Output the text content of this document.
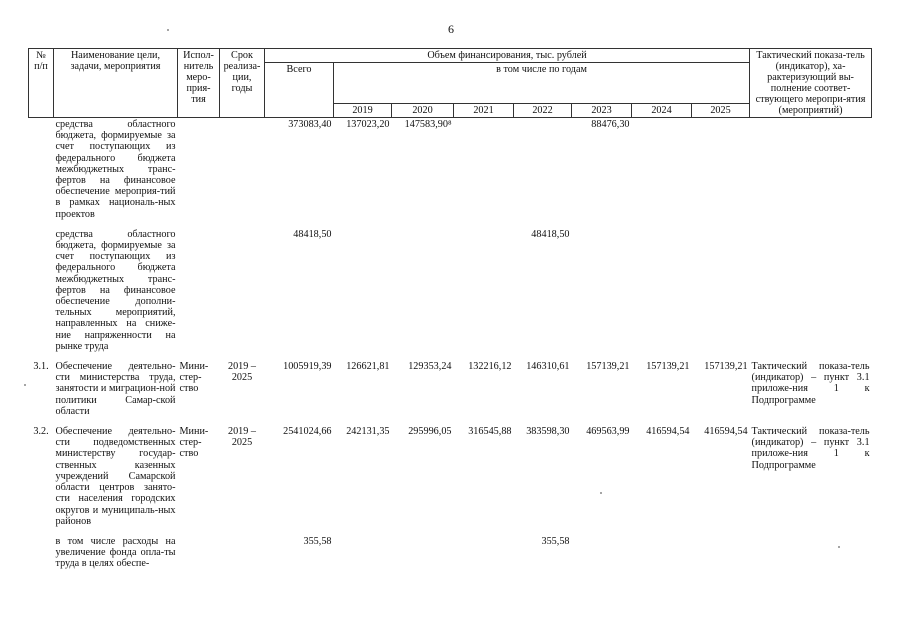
6
№ п/п	Наименование цели, задачи, мероприятия	Испол-нитель меро-прия-тия	Срок реализа-ции, годы	Объем финансирования, тыс. рублей								Тактический показа-тель (индикатор), ха-рактеризующий вы-полнение соответ-ствующего меропри-ятия (мероприятий)
				Всего	в том числе по годам							
					2019	2020	2021	2022	2023	2024	2025	
	средства областного бюджета, формируемые за счет поступающих из федерального бюджета межбюджетных транс-фертов на финансовое обеспечение мероприя-тий в рамках националь-ных проектов			373083,40	137023,20	147583,90⁸			88476,30			
	средства областного бюджета, формируемые за счет поступающих из федерального бюджета межбюджетных транс-фертов на финансовое обеспечение дополни-тельных мероприятий, направленных на сниже-ние напряженности на рынке труда			48418,50				48418,50				
3.1.	Обеспечение деятельно-сти министерства труда, занятости и миграцион-ной политики Самар-ской области	Мини-стер-ство	2019 – 2025	1005919,39	126621,81	129353,24	132216,12	146310,61	157139,21	157139,21	157139,21	Тактический показа-тель (индикатор) – пункт 3.1 приложе-ния 1 к Подпрограмме
3.2.	Обеспечение деятельно-сти подведомственных министерству государ-ственных казенных учреждений Самарской области центров занято-сти населения городских округов и муниципаль-ных районов	Мини-стер-ство	2019 – 2025	2541024,66	242131,35	295996,05	316545,88	383598,30	469563,99	416594,54	416594,54	Тактический показа-тель (индикатор) – пункт 3.1 приложе-ния 1 к Подпрограмме
	в том числе расходы на увеличение фонда опла-ты труда в целях обеспе-			355,58				355,58				
